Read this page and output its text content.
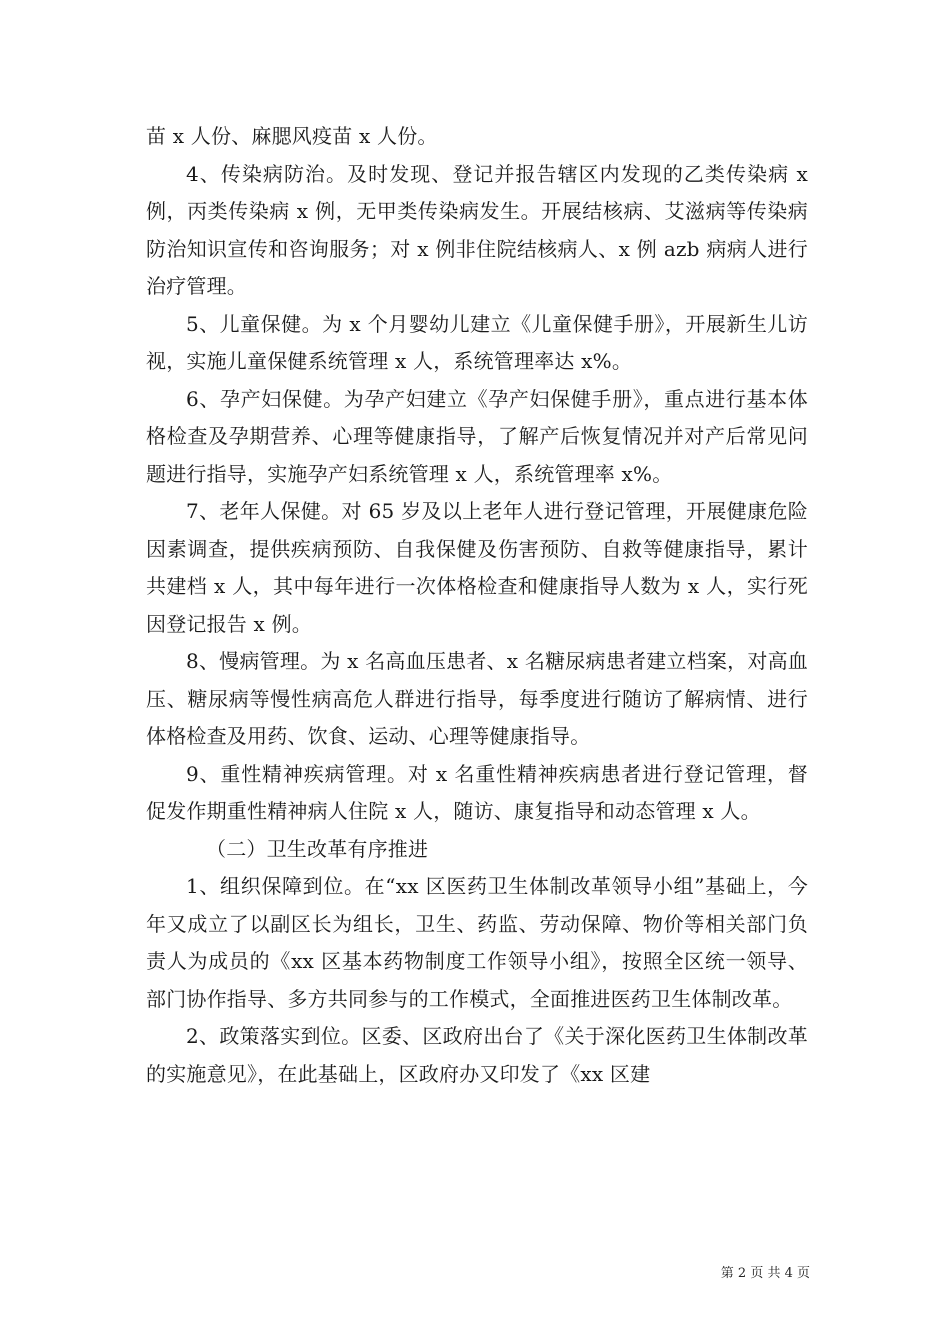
苗 x 人份、麻腮风疫苗 x 人份。

4、传染病防治。及时发现、登记并报告辖区内发现的乙类传染病 x 例，丙类传染病 x 例，无甲类传染病发生。开展结核病、艾滋病等传染病防治知识宣传和咨询服务；对 x 例非住院结核病人、x 例 azb 病病人进行治疗管理。

5、儿童保健。为 x 个月婴幼儿建立《儿童保健手册》，开展新生儿访视，实施儿童保健系统管理 x 人，系统管理率达 x%。

6、孕产妇保健。为孕产妇建立《孕产妇保健手册》，重点进行基本体格检查及孕期营养、心理等健康指导，了解产后恢复情况并对产后常见问题进行指导，实施孕产妇系统管理 x 人，系统管理率 x%。

7、老年人保健。对 65 岁及以上老年人进行登记管理，开展健康危险因素调查，提供疾病预防、自我保健及伤害预防、自救等健康指导，累计共建档 x 人，其中每年进行一次体格检查和健康指导人数为 x 人，实行死因登记报告 x 例。

8、慢病管理。为 x 名高血压患者、x 名糖尿病患者建立档案，对高血压、糖尿病等慢性病高危人群进行指导，每季度进行随访了解病情、进行体格检查及用药、饮食、运动、心理等健康指导。

9、重性精神疾病管理。对 x 名重性精神疾病患者进行登记管理，督促发作期重性精神病人住院 x 人，随访、康复指导和动态管理 x 人。

（二）卫生改革有序推进

1、组织保障到位。在“xx 区医药卫生体制改革领导小组”基础上，今年又成立了以副区长为组长，卫生、药监、劳动保障、物价等相关部门负责人为成员的《xx 区基本药物制度工作领导小组》，按照全区统一领导、部门协作指导、多方共同参与的工作模式，全面推进医药卫生体制改革。

2、政策落实到位。区委、区政府出台了《关于深化医药卫生体制改革的实施意见》，在此基础上，区政府办又印发了《xx 区建

第 2 页 共 4 页
